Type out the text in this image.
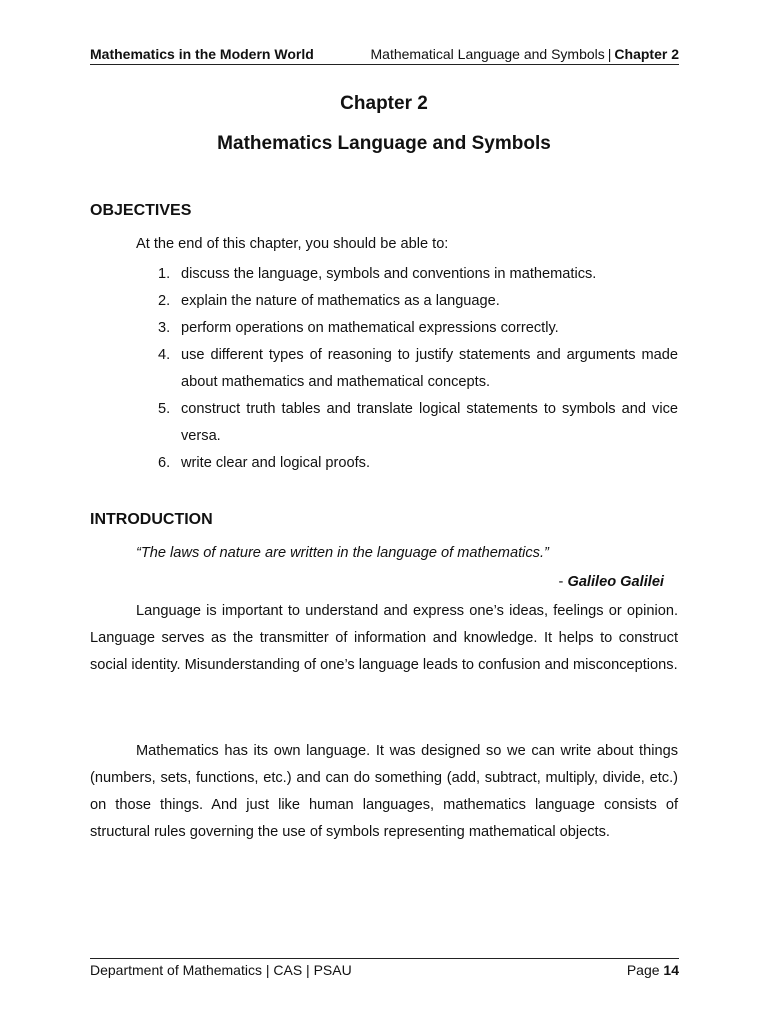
Mathematics in the Modern World	Mathematical Language and Symbols | Chapter 2
Chapter 2
Mathematics Language and Symbols
OBJECTIVES
At the end of this chapter, you should be able to:
1. discuss the language, symbols and conventions in mathematics.
2. explain the nature of mathematics as a language.
3. perform operations on mathematical expressions correctly.
4. use different types of reasoning to justify statements and arguments made about mathematics and mathematical concepts.
5. construct truth tables and translate logical statements to symbols and vice versa.
6. write clear and logical proofs.
INTRODUCTION
“The laws of nature are written in the language of mathematics.”
- Galileo Galilei

Language is important to understand and express one’s ideas, feelings or opinion. Language serves as the transmitter of information and knowledge. It helps to construct social identity. Misunderstanding of one’s language leads to confusion and misconceptions.

Mathematics has its own language. It was designed so we can write about things (numbers, sets, functions, etc.) and can do something (add, subtract, multiply, divide, etc.) on those things. And just like human languages, mathematics language consists of structural rules governing the use of symbols representing mathematical objects.

Department of Mathematics | CAS | PSAU	Page 14
